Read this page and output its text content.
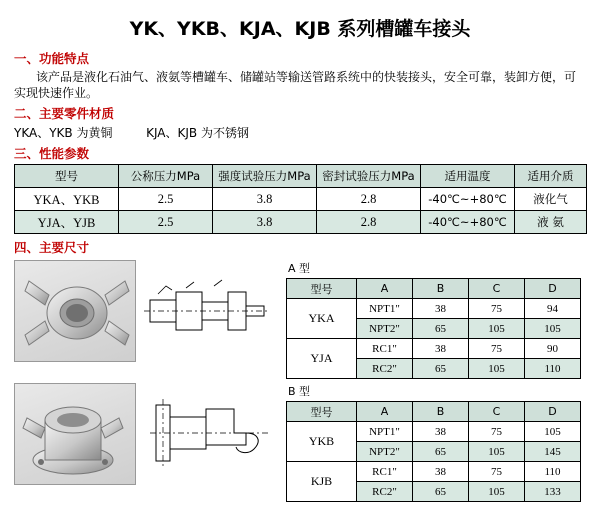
YK、YKB、KJA、KJB 系列槽罐车接头
一、功能特点
该产品是液化石油气、液氨等槽罐车、储罐站等输送管路系统中的快装接头，安全可靠，装卸方便，可实现快速作业。
二、主要零件材质
YKA、YKB 为黄铜	KJA、KJB 为不锈钢
三、性能参数
型号	公称压力MPa	强度试验压力MPa	密封试验压力MPa	适用温度	适用介质
YKA、YKB	2.5	3.8	2.8	-40℃~+80℃	液化气
YJA、YJB	2.5	3.8	2.8	-40℃~+80℃	液 氨
四、主要尺寸
A 型
型号	A	B	C	D
YKA	NPT1"	38	75	94
	NPT2"	65	105	105
YJA	RC1"	38	75	90
	RC2"	65	105	110
B 型
型号	A	B	C	D
YKB	NPT1"	38	75	105
	NPT2"	65	105	145
KJB	RC1"	38	75	110
	RC2"	65	105	133
